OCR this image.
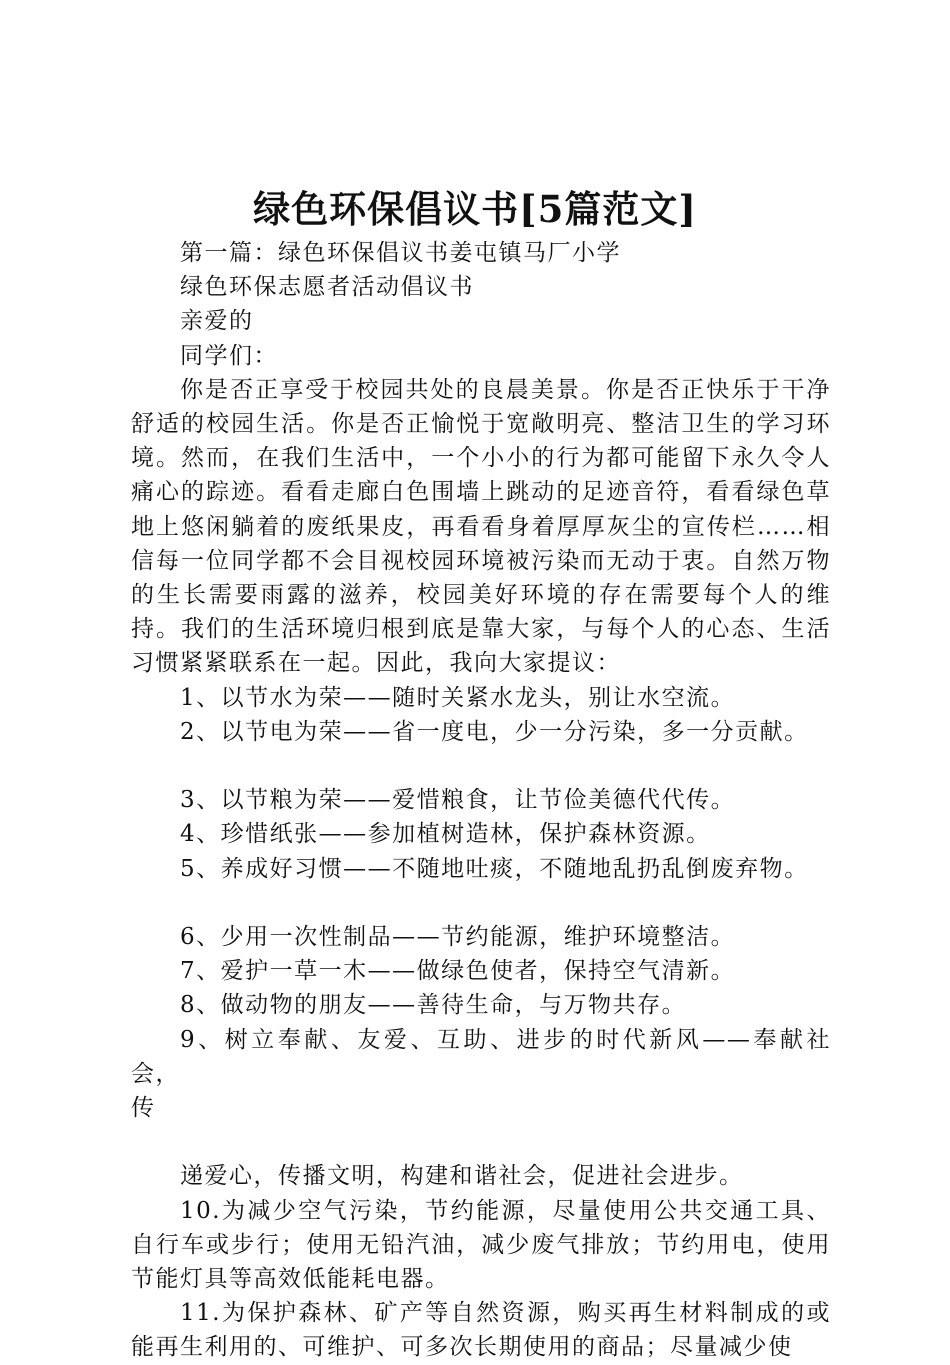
绿色环保倡议书[5篇范文]

第一篇：绿色环保倡议书姜屯镇马厂小学

绿色环保志愿者活动倡议书

亲爱的

同学们：

你是否正享受于校园共处的良晨美景。你是否正快乐于干净舒适的校园生活。你是否正愉悦于宽敞明亮、整洁卫生的学习环境。然而，在我们生活中，一个小小的行为都可能留下永久令人痛心的踪迹。看看走廊白色围墙上跳动的足迹音符，看看绿色草地上悠闲躺着的废纸果皮，再看看身着厚厚灰尘的宣传栏……相信每一位同学都不会目视校园环境被污染而无动于衷。自然万物的生长需要雨露的滋养，校园美好环境的存在需要每个人的维持。我们的生活环境归根到底是靠大家，与每个人的心态、生活习惯紧紧联系在一起。因此，我向大家提议：

1、以节水为荣——随时关紧水龙头，别让水空流。

2、以节电为荣——省一度电，少一分污染，多一分贡献。

3、以节粮为荣——爱惜粮食，让节俭美德代代传。

4、珍惜纸张——参加植树造林，保护森林资源。

5、养成好习惯——不随地吐痰，不随地乱扔乱倒废弃物。

6、少用一次性制品——节约能源，维护环境整洁。

7、爱护一草一木——做绿色使者，保持空气清新。

8、做动物的朋友——善待生命，与万物共存。

9、树立奉献、友爱、互助、进步的时代新风——奉献社会，

传

递爱心，传播文明，构建和谐社会，促进社会进步。

10.为减少空气污染，节约能源，尽量使用公共交通工具、自行车或步行；使用无铅汽油，减少废气排放；节约用电，使用节能灯具等高效低能耗电器。

11.为保护森林、矿产等自然资源，购买再生材料制成的或能再生利用的、可维护、可多次长期使用的商品；尽量减少使
